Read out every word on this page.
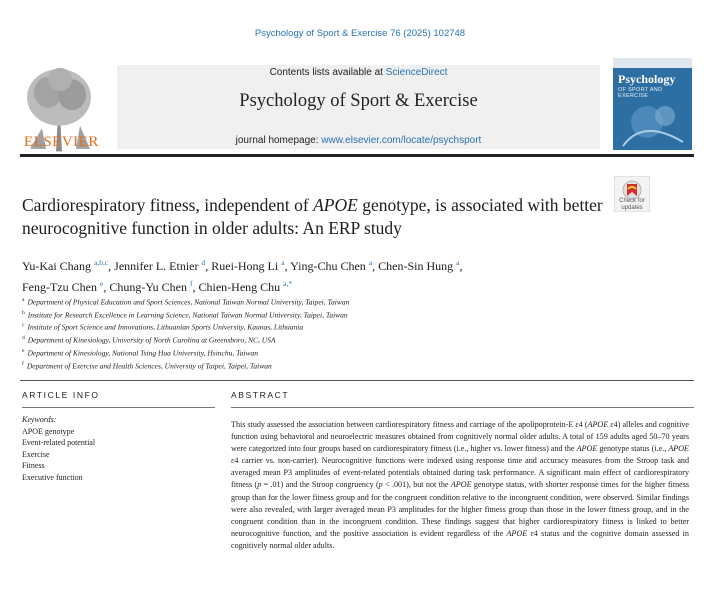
Psychology of Sport & Exercise 76 (2025) 102748
ELSEVIER
Contents lists available at ScienceDirect
Psychology of Sport & Exercise
journal homepage: www.elsevier.com/locate/psychsport
Psychology
OF SPORT AND EXERCISE
Check for
updates
Cardiorespiratory fitness, independent of APOE genotype, is associated with better neurocognitive function in older adults: An ERP study
Yu-Kai Chang $^{a,b,c}$, Jennifer L. Etnier $^d$, Ruei-Hong Li $^a$, Ying-Chu Chen $^a$, Chen-Sin Hung $^a$,
Feng-Tzu Chen $^e$, Chung-Yu Chen $^f$, Chien-Heng Chu $^{a,*}$
$^a$ Department of Physical Education and Sport Sciences, National Taiwan Normal University, Taipei, Taiwan
$^b$ Institute for Research Excellence in Learning Science, National Taiwan Normal University, Taipei, Taiwan
$^c$ Institute of Sport Science and Innovations, Lithuanian Sports University, Kaunas, Lithuania
$^d$ Department of Kinesiology, University of North Carolina at Greensboro, NC, USA
$^e$ Department of Kinesiology, National Tsing Hua University, Hsinchu, Taiwan
$^f$ Department of Exercise and Health Sciences, University of Taipei, Taipei, Taiwan
ARTICLE INFO	ABSTRACT
Keywords:
APOE genotype
Event-related potential
Exercise
Fitness
Executive function

This study assessed the association between cardiorespiratory fitness and carriage of the apolipoprotein-E ε4 (APOE ε4) alleles and cognitive function using behavioral and neuroelectric measures obtained from cognitively normal older adults. A total of 159 adults aged 50–70 years were categorized into four groups based on cardiorespiratory fitness (i.e., higher vs. lower fitness) and the APOE genotype status (i.e., APOE ε4 carrier vs. non-carrier). Neurocognitive functions were indexed using response time and accuracy measures from the Stroop task and averaged mean P3 amplitudes of event-related potentials obtained during task performance. A significant main effect of cardiorespiratory fitness (p = .01) and the Stroop congruency (p < .001), but not the APOE genotype status, with shorter response times for the higher fitness group than for the lower fitness group and for the congruent condition relative to the incongruent condition, were observed. Similar findings were also revealed, with larger averaged mean P3 amplitudes for the higher fitness group than those in the lower fitness group, and in the congruent condition than in the incongruent condition. These findings suggest that higher cardiorespiratory fitness is linked to better neurocognitive function, and the positive association is evident regardless of the APOE ε4 status and the cognitive domain assessed in cognitively normal older adults.
